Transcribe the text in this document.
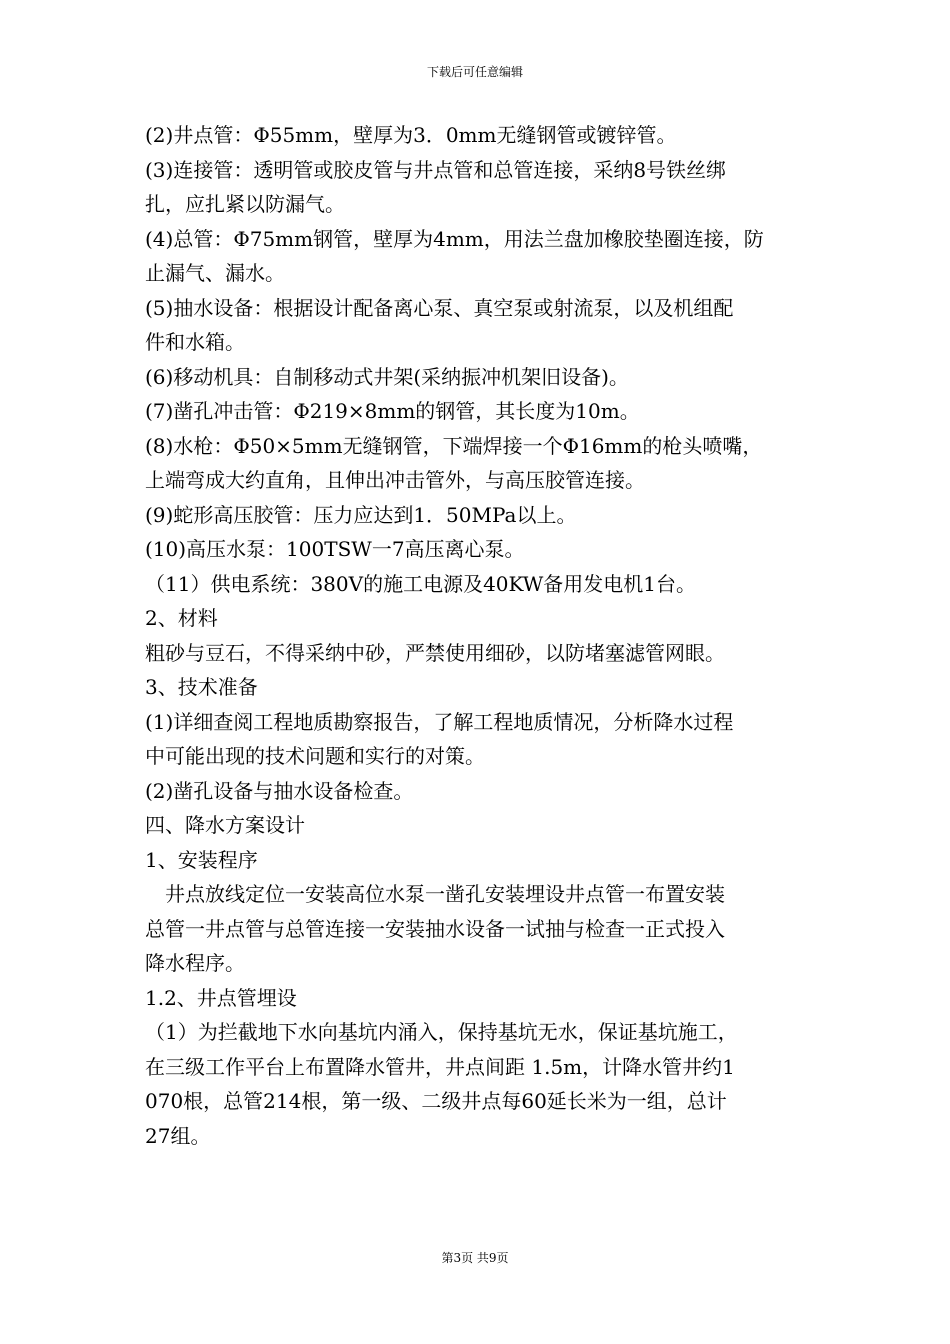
下载后可任意编辑
(2)井点管：Φ55mm，壁厚为3．0mm无缝钢管或镀锌管。
(3)连接管：透明管或胶皮管与井点管和总管连接，采纳8号铁丝绑
扎，应扎紧以防漏气。
(4)总管：Φ75mm钢管，壁厚为4mm，用法兰盘加橡胶垫圈连接，防
止漏气、漏水。
(5)抽水设备：根据设计配备离心泵、真空泵或射流泵，以及机组配
件和水箱。
(6)移动机具：自制移动式井架(采纳振冲机架旧设备)。
(7)凿孔冲击管：Φ219×8mm的钢管，其长度为10m。
(8)水枪：Φ50×5mm无缝钢管，下端焊接一个Φ16mm的枪头喷嘴，
上端弯成大约直角，且伸出冲击管外，与高压胶管连接。
(9)蛇形高压胶管：压力应达到1．50MPa以上。
(10)高压水泵：100TSW一7高压离心泵。
（11）供电系统：380V的施工电源及40KW备用发电机1台。
2、材料
粗砂与豆石，不得采纳中砂，严禁使用细砂，以防堵塞滤管网眼。
3、技术准备
(1)详细查阅工程地质勘察报告，了解工程地质情况，分析降水过程
中可能出现的技术问题和实行的对策。
(2)凿孔设备与抽水设备检查。
四、降水方案设计
1、安装程序
　井点放线定位一安装高位水泵一凿孔安装埋设井点管一布置安装
总管一井点管与总管连接一安装抽水设备一试抽与检查一正式投入
降水程序。
1.2、井点管埋设
（1）为拦截地下水向基坑内涌入，保持基坑无水，保证基坑施工，
在三级工作平台上布置降水管井，井点间距 1.5m，计降水管井约1
070根，总管214根，第一级、二级井点每60延长米为一组，总计
27组。
第3页 共9页
